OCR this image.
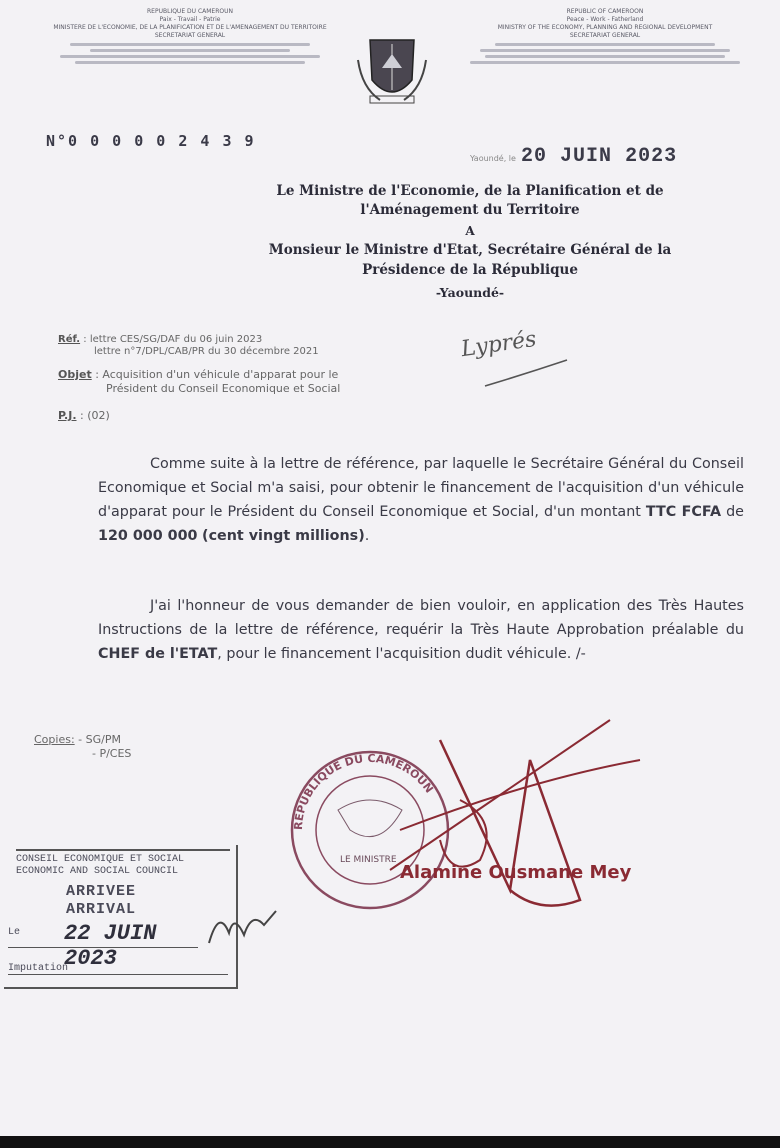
REPUBLIQUE DU CAMEROUN
Paix - Travail - Patrie
MINISTERE DE L'ECONOMIE, DE LA PLANIFICATION ET DE L'AMENAGEMENT DU TERRITOIRE
SECRETARIAT GENERAL
REPUBLIC OF CAMEROON
Peace - Work - Fatherland
MINISTRY OF THE ECONOMY, PLANNING AND REGIONAL DEVELOPMENT
SECRETARIAT GENERAL
N°0 0 0 0 0 2 4 3 9
Yaoundé, le 20 JUIN 2023
Le Ministre de l'Economie, de la Planification et de l'Aménagement du Territoire
A
Monsieur le Ministre d'Etat, Secrétaire Général de la
Présidence de la République
-Yaoundé-
Réf. : lettre CES/SG/DAF du 06 juin 2023
lettre n°7/DPL/CAB/PR du 30 décembre 2021
Objet : Acquisition d'un véhicule d'apparat pour le
Président du Conseil Economique et Social
P.J. : (02)
Lyprés
Comme suite à la lettre de référence, par laquelle le Secrétaire Général du Conseil Economique et Social m'a saisi, pour obtenir le financement de l'acquisition d'un véhicule d'apparat pour le Président du Conseil Economique et Social, d'un montant TTC FCFA de 120 000 000 (cent vingt millions).
J'ai l'honneur de vous demander de bien vouloir, en application des Très Hautes Instructions de la lettre de référence, requérir la Très Haute Approbation préalable du CHEF de l'ETAT, pour le financement l'acquisition dudit véhicule. /-
Copies: - SG/PM
- P/CES
REPUBLIQUE DU CAMEROUN
LE MINISTRE
Alamine Ousmane Mey
CONSEIL ECONOMIQUE ET SOCIAL
ECONOMIC AND SOCIAL COUNCIL
ARRIVEE
ARRIVAL
Le 22 JUIN 2023
Imputation
